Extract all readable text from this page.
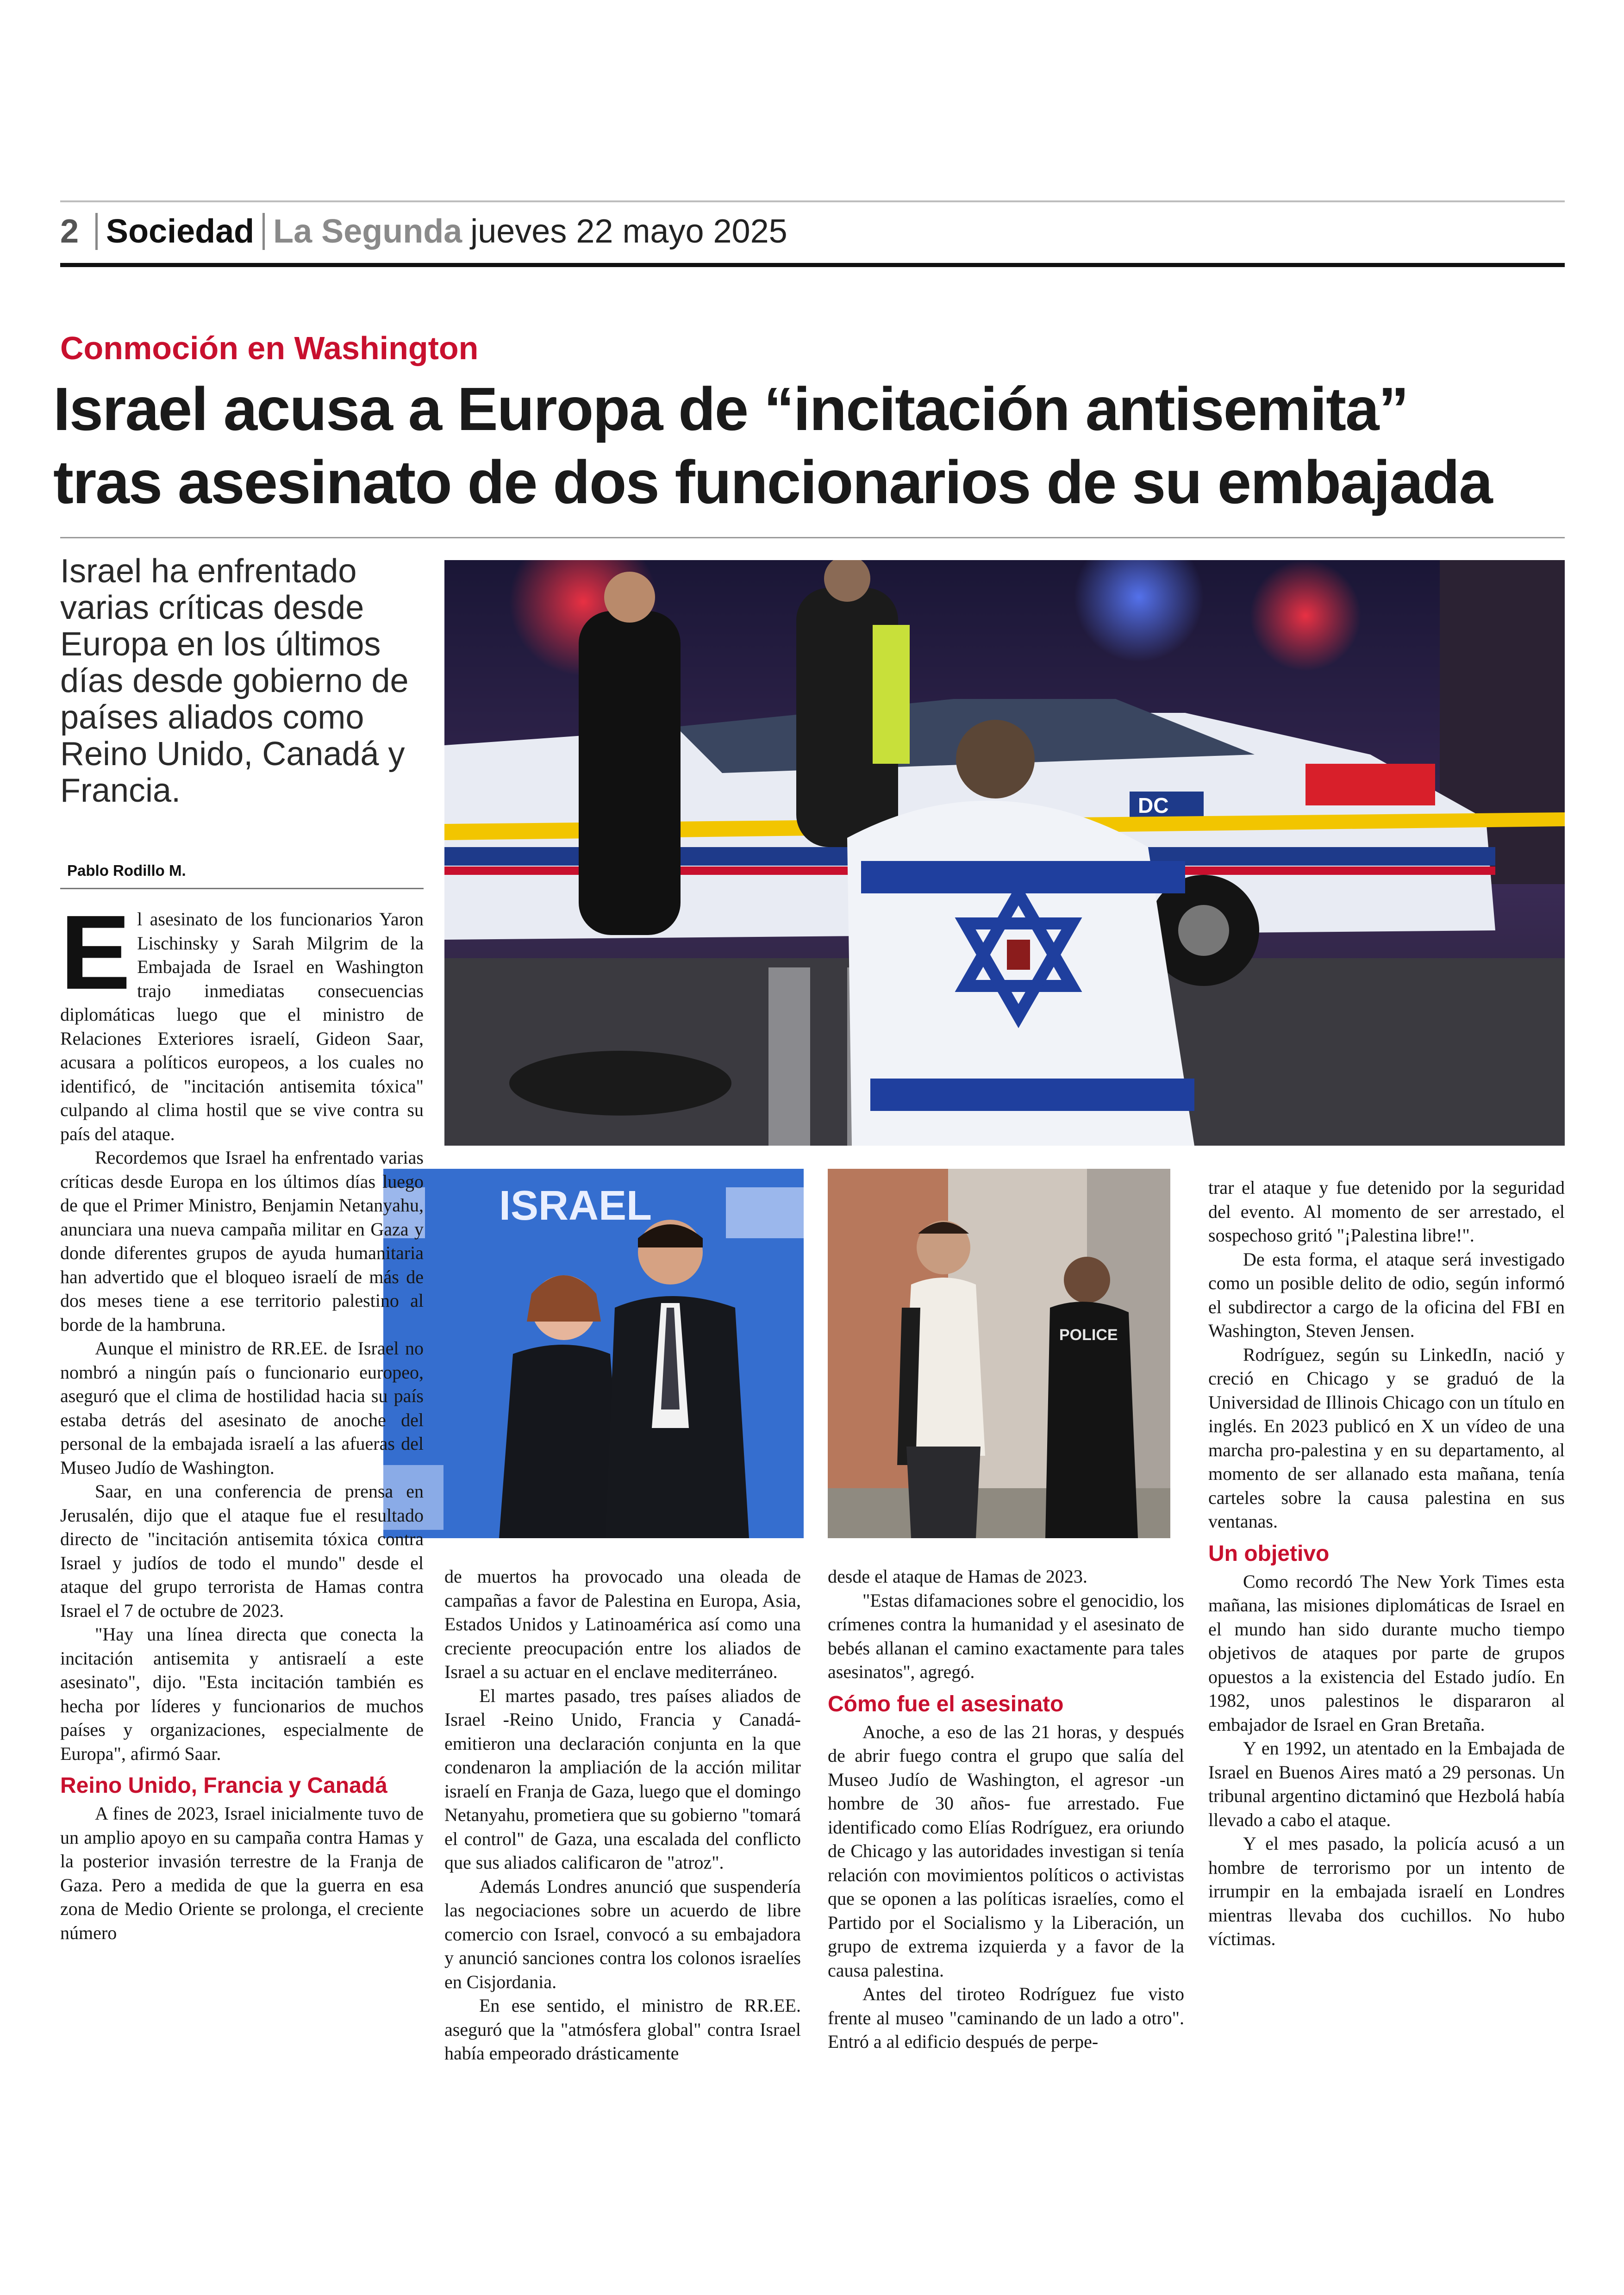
2 Sociedad La Segunda jueves 22 mayo 2025
Conmoción en Washington
Israel acusa a Europa de “incitación antisemita”
tras asesinato de dos funcionarios de su embajada
Israel ha enfrentado varias críticas desde Europa en los últimos días desde gobierno de países aliados como Reino Unido, Canadá y Francia.
Pablo Rodillo M.
DC
ISRAEL
POLICE
E l asesinato de los funcionarios Yaron Lischinsky y Sarah Milgrim de la Embajada de Israel en Washington trajo inmediatas consecuencias diplomáticas luego que el ministro de Relaciones Exteriores israelí, Gideon Saar, acusara a políticos europeos, a los cuales no identificó, de "incitación antisemita tóxica" culpando al clima hostil que se vive contra su país del ataque.

Recordemos que Israel ha enfrentado varias críticas desde Europa en los últimos días luego de que el Primer Ministro, Benjamin Netanyahu, anunciara una nueva campaña militar en Gaza y donde diferentes grupos de ayuda humanitaria han advertido que el bloqueo israelí de más de dos meses tiene a ese territorio palestino al borde de la hambruna.

Aunque el ministro de RR.EE. de Israel no nombró a ningún país o funcionario europeo, aseguró que el clima de hostilidad hacia su país estaba detrás del asesinato de anoche del personal de la embajada israelí a las afueras del Museo Judío de Washington.

Saar, en una conferencia de prensa en Jerusalén, dijo que el ataque fue el resultado directo de "incitación antisemita tóxica contra Israel y judíos de todo el mundo" desde el ataque del grupo terrorista de Hamas contra Israel el 7 de octubre de 2023.

"Hay una línea directa que conecta la incitación antisemita y antisraelí a este asesinato", dijo. "Esta incitación también es hecha por líderes y funcionarios de muchos países y organizaciones, especialmente de Europa", afirmó Saar.

Reino Unido, Francia y Canadá

A fines de 2023, Israel inicialmente tuvo de un amplio apoyo en su campaña contra Hamas y la posterior invasión terrestre de la Franja de Gaza. Pero a medida de que la guerra en esa zona de Medio Oriente se prolonga, el creciente número

de muertos ha provocado una oleada de campañas a favor de Palestina en Europa, Asia, Estados Unidos y Latinoamérica así como una creciente preocupación entre los aliados de Israel a su actuar en el enclave mediterráneo.

El martes pasado, tres países aliados de Israel -Reino Unido, Francia y Canadá- emitieron una declaración conjunta en la que condenaron la ampliación de la acción militar israelí en Franja de Gaza, luego que el domingo Netanyahu, prometiera que su gobierno "tomará el control" de Gaza, una escalada del conflicto que sus aliados calificaron de "atroz".

Además Londres anunció que suspendería las negociaciones sobre un acuerdo de libre comercio con Israel, convocó a su embajadora y anunció sanciones contra los colonos israelíes en Cisjordania.

En ese sentido, el ministro de RR.EE. aseguró que la "atmósfera global" contra Israel había empeorado drásticamente

desde el ataque de Hamas de 2023.

"Estas difamaciones sobre el genocidio, los crímenes contra la humanidad y el asesinato de bebés allanan el camino exactamente para tales asesinatos", agregó.

Cómo fue el asesinato

Anoche, a eso de las 21 horas, y después de abrir fuego contra el grupo que salía del Museo Judío de Washington, el agresor -un hombre de 30 años- fue arrestado. Fue identificado como Elías Rodríguez, era oriundo de Chicago y las autoridades investigan si tenía relación con movimientos políticos o activistas que se oponen a las políticas israelíes, como el Partido por el Socialismo y la Liberación, un grupo de extrema izquierda y a favor de la causa palestina.

Antes del tiroteo Rodríguez fue visto frente al museo "caminando de un lado a otro". Entró a al edificio después de perpe-

trar el ataque y fue detenido por la seguridad del evento. Al momento de ser arrestado, el sospechoso gritó "¡Palestina libre!".

De esta forma, el ataque será investigado como un posible delito de odio, según informó el subdirector a cargo de la oficina del FBI en Washington, Steven Jensen.

Rodríguez, según su LinkedIn, nació y creció en Chicago y se graduó de la Universidad de Illinois Chicago con un título en inglés. En 2023 publicó en X un vídeo de una marcha pro-palestina y en su departamento, al momento de ser allanado esta mañana, tenía carteles sobre la causa palestina en sus ventanas.

Un objetivo

Como recordó The New York Times esta mañana, las misiones diplomáticas de Israel en el mundo han sido durante mucho tiempo objetivos de ataques por parte de grupos opuestos a la existencia del Estado judío. En 1982, unos palestinos le dispararon al embajador de Israel en Gran Bretaña.

Y en 1992, un atentado en la Embajada de Israel en Buenos Aires mató a 29 personas. Un tribunal argentino dictaminó que Hezbolá había llevado a cabo el ataque.

Y el mes pasado, la policía acusó a un hombre de terrorismo por un intento de irrumpir en la embajada israelí en Londres mientras llevaba dos cuchillos. No hubo víctimas.
